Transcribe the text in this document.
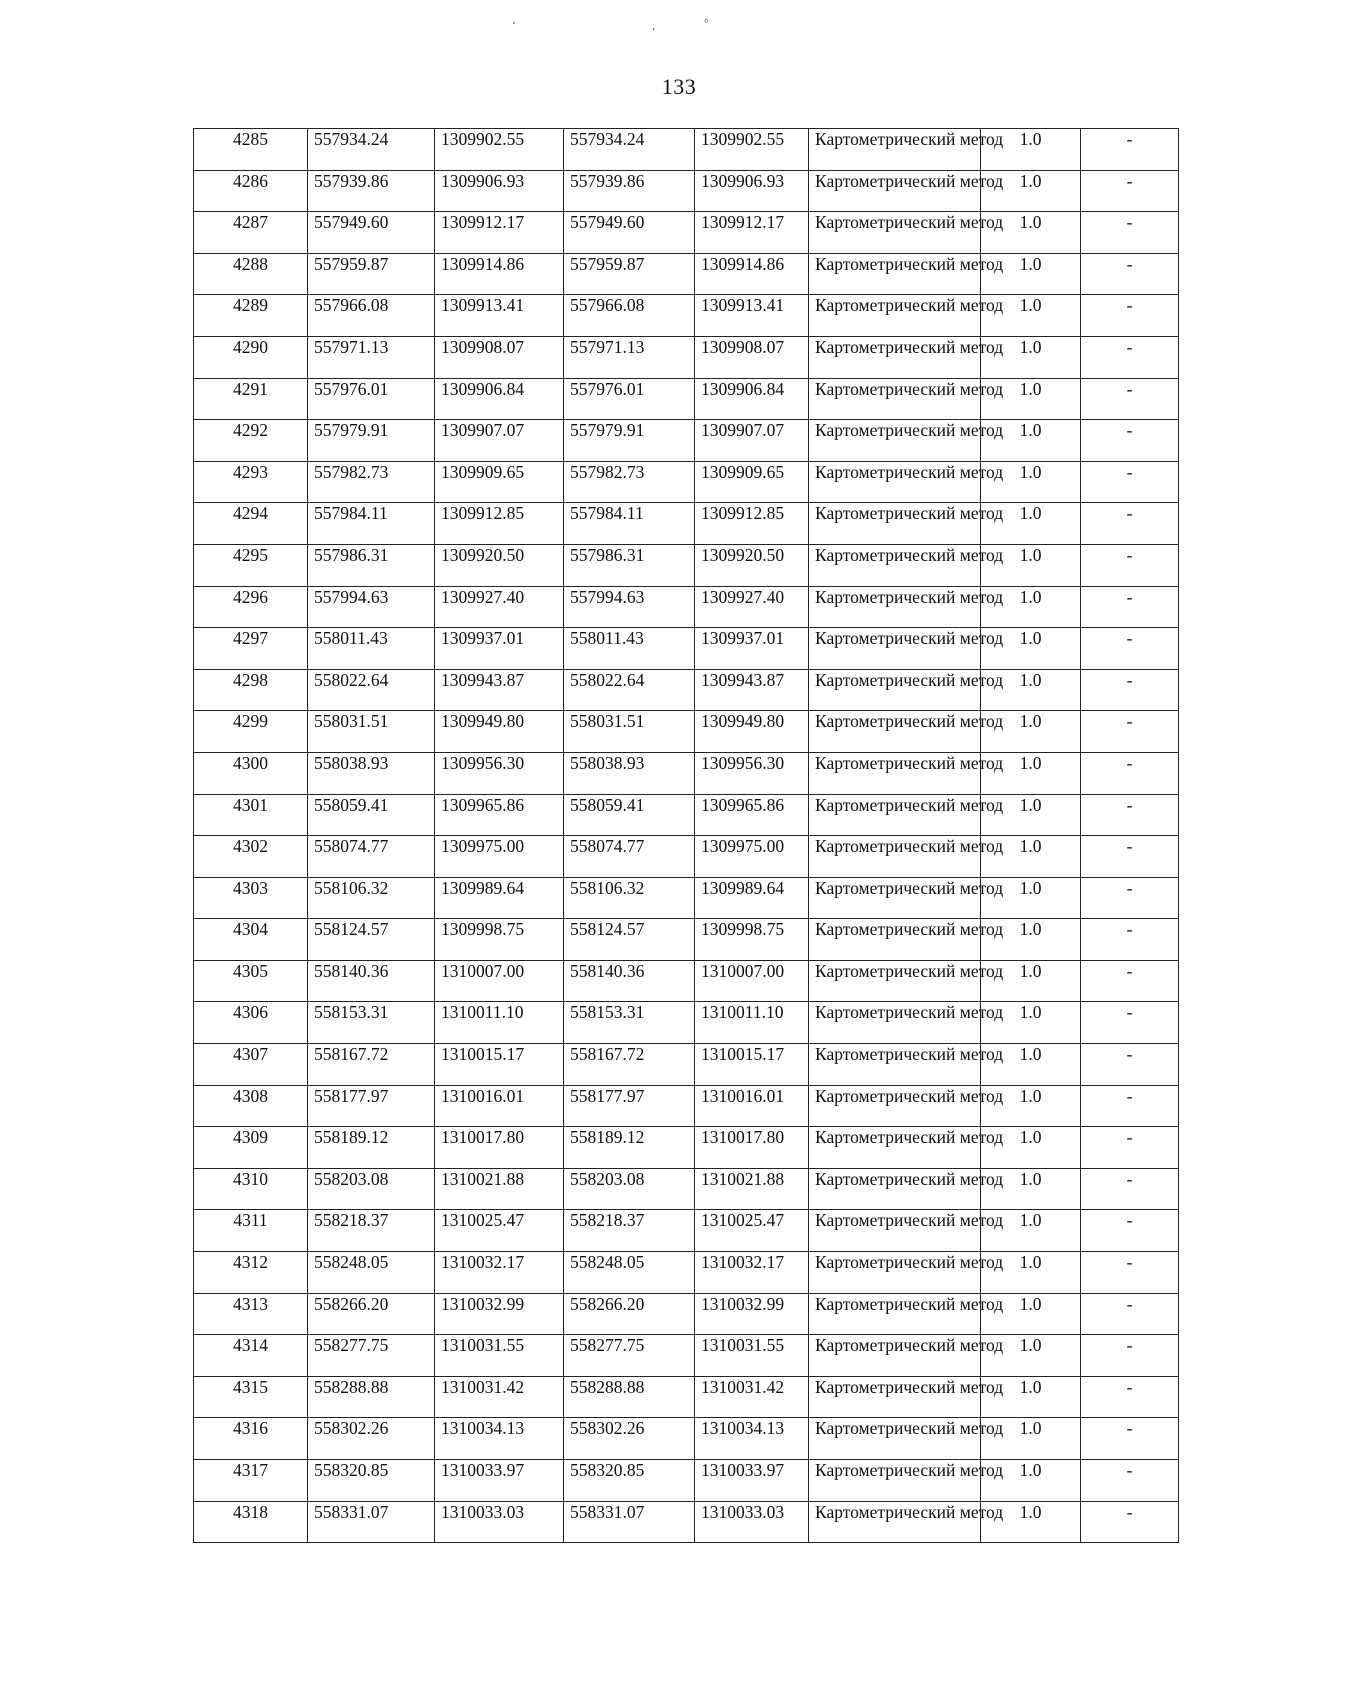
‘	,	°
133
4285	557934.24	1309902.55	557934.24	1309902.55	Картометрический метод	1.0	-
4286	557939.86	1309906.93	557939.86	1309906.93	Картометрический метод	1.0	-
4287	557949.60	1309912.17	557949.60	1309912.17	Картометрический метод	1.0	-
4288	557959.87	1309914.86	557959.87	1309914.86	Картометрический метод	1.0	-
4289	557966.08	1309913.41	557966.08	1309913.41	Картометрический метод	1.0	-
4290	557971.13	1309908.07	557971.13	1309908.07	Картометрический метод	1.0	-
4291	557976.01	1309906.84	557976.01	1309906.84	Картометрический метод	1.0	-
4292	557979.91	1309907.07	557979.91	1309907.07	Картометрический метод	1.0	-
4293	557982.73	1309909.65	557982.73	1309909.65	Картометрический метод	1.0	-
4294	557984.11	1309912.85	557984.11	1309912.85	Картометрический метод	1.0	-
4295	557986.31	1309920.50	557986.31	1309920.50	Картометрический метод	1.0	-
4296	557994.63	1309927.40	557994.63	1309927.40	Картометрический метод	1.0	-
4297	558011.43	1309937.01	558011.43	1309937.01	Картометрический метод	1.0	-
4298	558022.64	1309943.87	558022.64	1309943.87	Картометрический метод	1.0	-
4299	558031.51	1309949.80	558031.51	1309949.80	Картометрический метод	1.0	-
4300	558038.93	1309956.30	558038.93	1309956.30	Картометрический метод	1.0	-
4301	558059.41	1309965.86	558059.41	1309965.86	Картометрический метод	1.0	-
4302	558074.77	1309975.00	558074.77	1309975.00	Картометрический метод	1.0	-
4303	558106.32	1309989.64	558106.32	1309989.64	Картометрический метод	1.0	-
4304	558124.57	1309998.75	558124.57	1309998.75	Картометрический метод	1.0	-
4305	558140.36	1310007.00	558140.36	1310007.00	Картометрический метод	1.0	-
4306	558153.31	1310011.10	558153.31	1310011.10	Картометрический метод	1.0	-
4307	558167.72	1310015.17	558167.72	1310015.17	Картометрический метод	1.0	-
4308	558177.97	1310016.01	558177.97	1310016.01	Картометрический метод	1.0	-
4309	558189.12	1310017.80	558189.12	1310017.80	Картометрический метод	1.0	-
4310	558203.08	1310021.88	558203.08	1310021.88	Картометрический метод	1.0	-
4311	558218.37	1310025.47	558218.37	1310025.47	Картометрический метод	1.0	-
4312	558248.05	1310032.17	558248.05	1310032.17	Картометрический метод	1.0	-
4313	558266.20	1310032.99	558266.20	1310032.99	Картометрический метод	1.0	-
4314	558277.75	1310031.55	558277.75	1310031.55	Картометрический метод	1.0	-
4315	558288.88	1310031.42	558288.88	1310031.42	Картометрический метод	1.0	-
4316	558302.26	1310034.13	558302.26	1310034.13	Картометрический метод	1.0	-
4317	558320.85	1310033.97	558320.85	1310033.97	Картометрический метод	1.0	-
4318	558331.07	1310033.03	558331.07	1310033.03	Картометрический метод	1.0	-
